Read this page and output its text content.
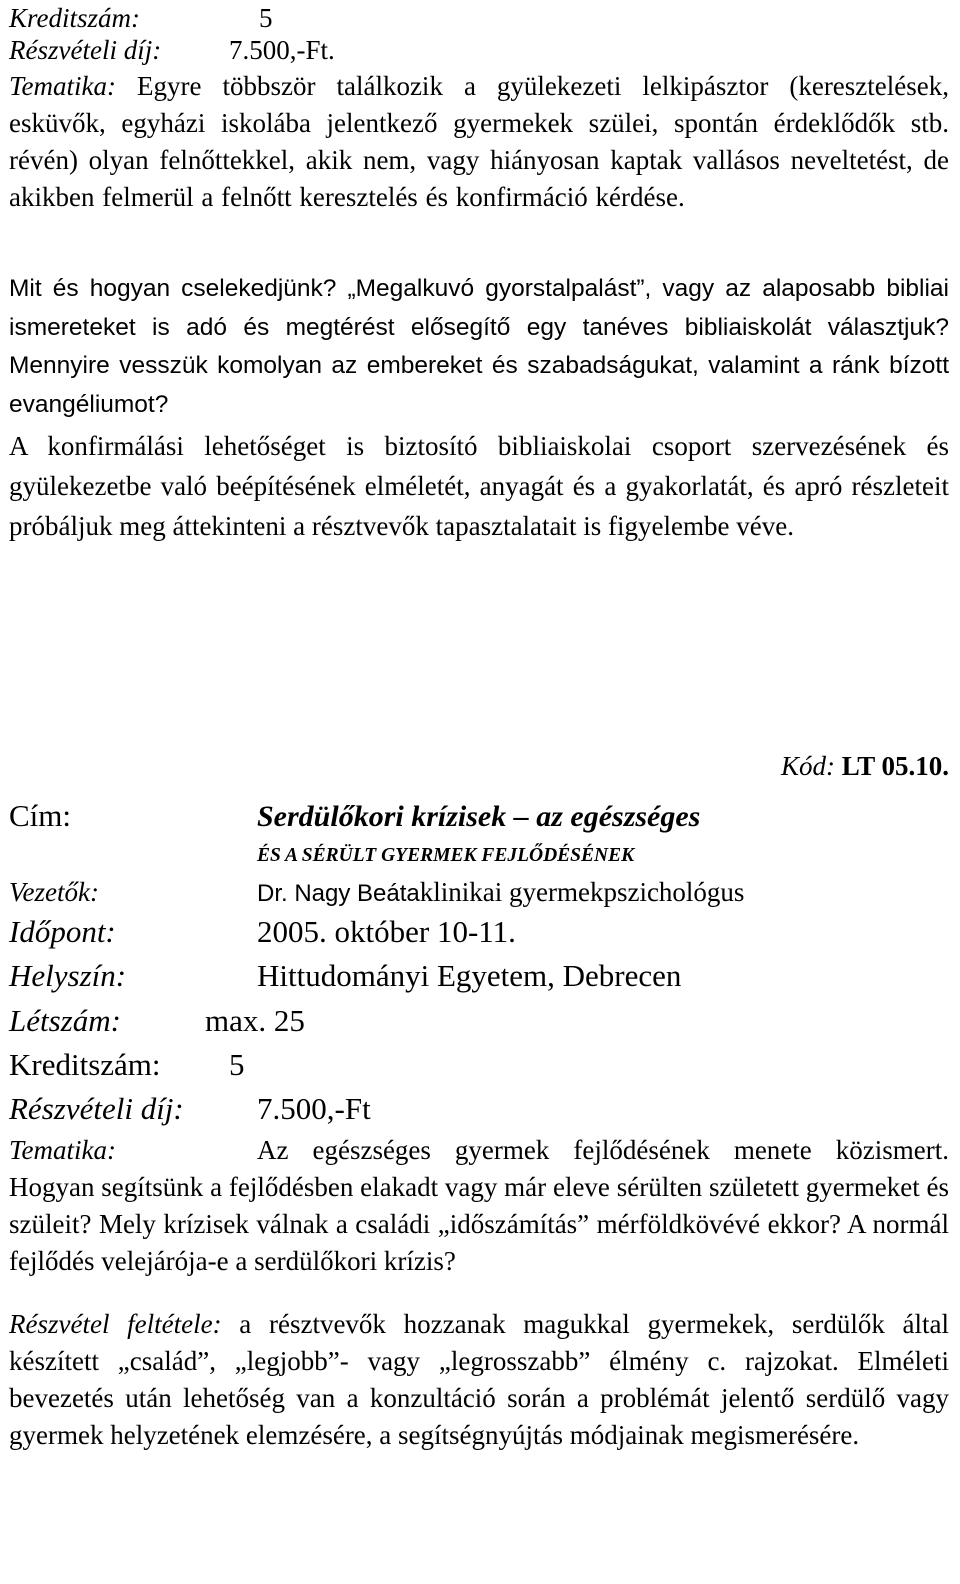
Kreditszám:	5
Részvételi díj:	7.500,-Ft.
Tematika: Egyre többször találkozik a gyülekezeti lelkipásztor (keresztelések, esküvők, egyházi iskolába jelentkező gyermekek szülei, spontán érdeklődők stb. révén) olyan felnőttekkel, akik nem, vagy hiányosan kaptak vallásos neveltetést, de akikben felmerül a felnőtt keresztelés és konfirmáció kérdése.
Mit és hogyan cselekedjünk? „Megalkuvó gyorstalpalást”, vagy az alaposabb bibliai ismereteket is adó és megtérést elősegítő egy tanéves bibliaiskolát választjuk? Mennyire vesszük komolyan az embereket és szabadságukat, valamint a ránk bízott evangéliumot?
A konfirmálási lehetőséget is biztosító bibliaiskolai csoport szervezésének és gyülekezetbe való beépítésének elméletét, anyagát és a gyakorlatát, és apró részleteit próbáljuk meg áttekinteni a résztvevők tapasztalatait is figyelembe véve.
Kód: LT 05.10.
Cím:	Serdülőkori krízisek – az egészséges
ÉS A SÉRÜLT GYERMEK FEJLŐDÉSÉNEK
Vezetők:	Dr. Nagy Beátaklinikai gyermekpszichológus
Időpont:	2005. október 10-11.
Helyszín:	Hittudományi Egyetem, Debrecen
Létszám:	max. 25
Kreditszám: 5
Részvételi díj: 7.500,-Ft
Tematika:	Az egészséges gyermek fejlődésének menete közismert. Hogyan segítsünk a fejlődésben elakadt vagy már eleve sérülten született gyermeket és szüleit? Mely krízisek válnak a családi „időszámítás” mérföldkövévé ekkor? A normál fejlődés velejárója-e a serdülőkori krízis?
Részvétel feltétele: a résztvevők hozzanak magukkal gyermekek, serdülők által készített „család”, „legjobb”- vagy „legrosszabb” élmény c. rajzokat. Elméleti bevezetés után lehetőség van a konzultáció során a problémát jelentő serdülő vagy gyermek helyzetének elemzésére, a segítségnyújtás módjainak megismerésére.
